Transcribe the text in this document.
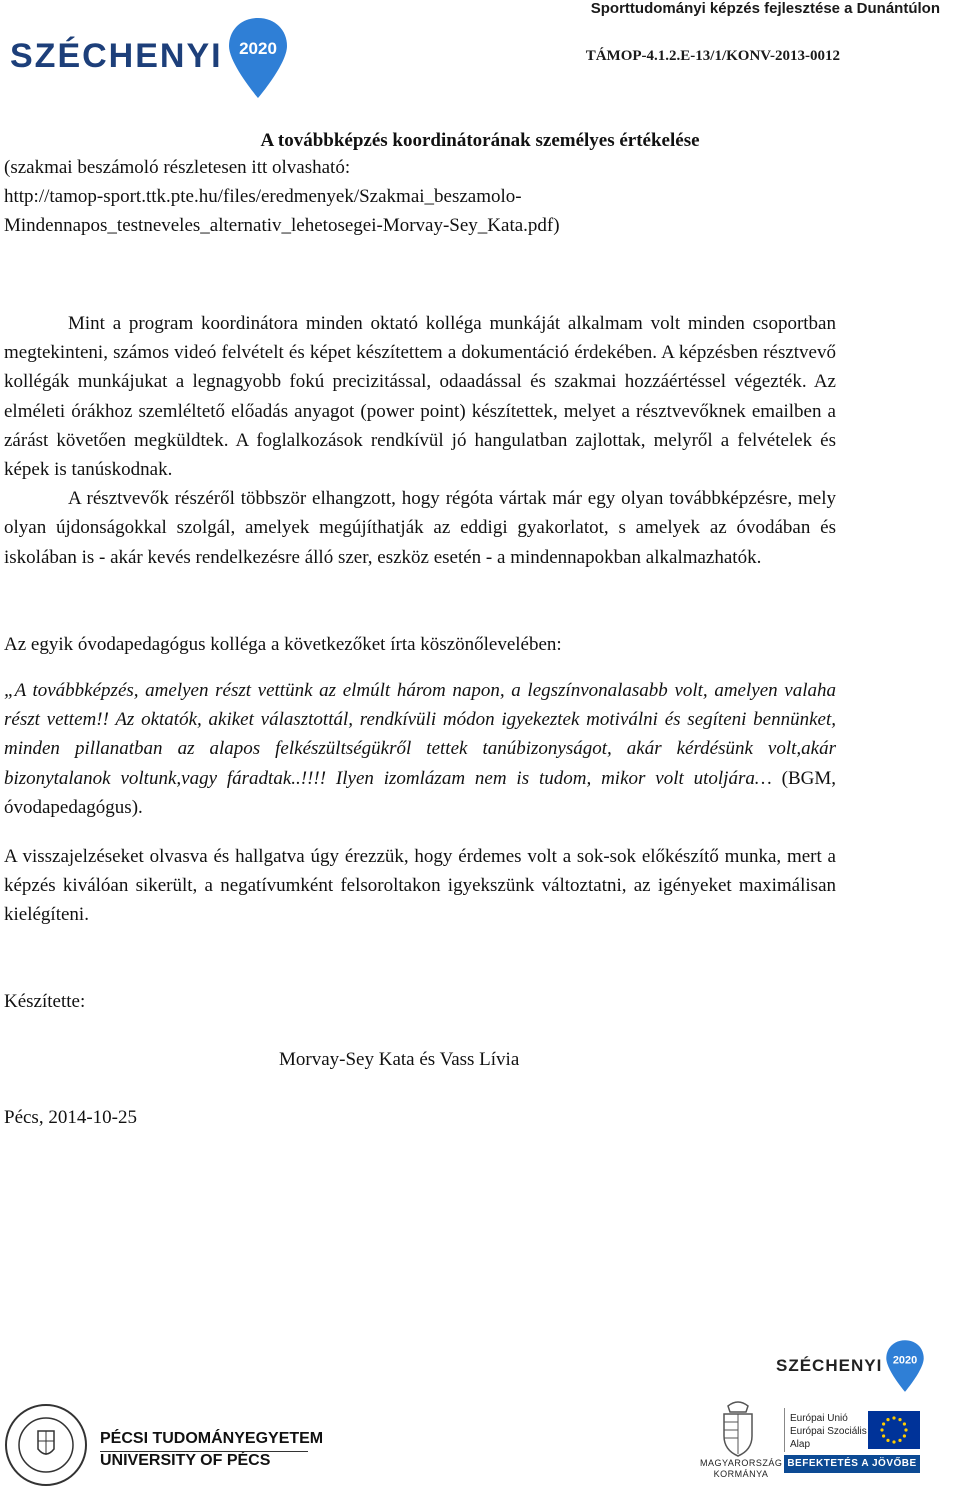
Sporttudományi képzés fejlesztése a Dunántúlon
TÁMOP-4.1.2.E-13/1/KONV-2013-0012
SZÉCHENYI 2020
A továbbképzés koordinátorának személyes értékelése
(szakmai beszámoló részletesen itt olvasható:
http://tamop-sport.ttk.pte.hu/files/eredmenyek/Szakmai_beszamolo-
Mindennapos_testneveles_alternativ_lehetosegei-Morvay-Sey_Kata.pdf)

Mint a program koordinátora minden oktató kolléga munkáját alkalmam volt minden csoportban megtekinteni, számos videó felvételt és képet készítettem a dokumentáció érdekében. A képzésben résztvevő kollégák munkájukat a legnagyobb fokú precizitással, odaadással és szakmai hozzáértéssel végezték. Az elméleti órákhoz szemléltető előadás anyagot (power point) készítettek, melyet a résztvevőknek emailben a zárást követően megküldtek. A foglalkozások rendkívül jó hangulatban zajlottak, melyről a felvételek és képek is tanúskodnak.

A résztvevők részéről többször elhangzott, hogy régóta vártak már egy olyan továbbképzésre, mely olyan újdonságokkal szolgál, amelyek megújíthatják az eddigi gyakorlatot, s amelyek az óvodában és iskolában is - akár kevés rendelkezésre álló szer, eszköz esetén - a mindennapokban alkalmazhatók.

Az egyik óvodapedagógus kolléga a következőket írta köszönőlevelében:

„A továbbképzés, amelyen részt vettünk az elmúlt három napon, a legszínvonalasabb volt, amelyen valaha részt vettem!! Az oktatók, akiket választottál, rendkívüli módon igyekeztek motiválni és segíteni bennünket, minden pillanatban az alapos felkészültségükről tettek tanúbizonyságot, akár kérdésünk volt,akár bizonytalanok voltunk,vagy fáradtak..!!!! Ilyen izomlázam nem is tudom, mikor volt utoljára… (BGM, óvodapedagógus).

A visszajelzéseket olvasva és hallgatva úgy érezzük, hogy érdemes volt a sok-sok előkészítő munka, mert a képzés kiválóan sikerült, a negatívumként felsoroltakon igyekszünk változtatni, az igényeket maximálisan kielégíteni.

Készítette:
Morvay-Sey Kata és Vass Lívia
Pécs, 2014-10-25
SZÉCHENYI 2020
PÉCSI TUDOMÁNYEGYETEM
UNIVERSITY OF PÉCS	MAGYARORSZÁG
KORMÁNYA
Európai Unió
Európai Szociális
Alap
BEFEKTETÉS A JÖVŐBE
